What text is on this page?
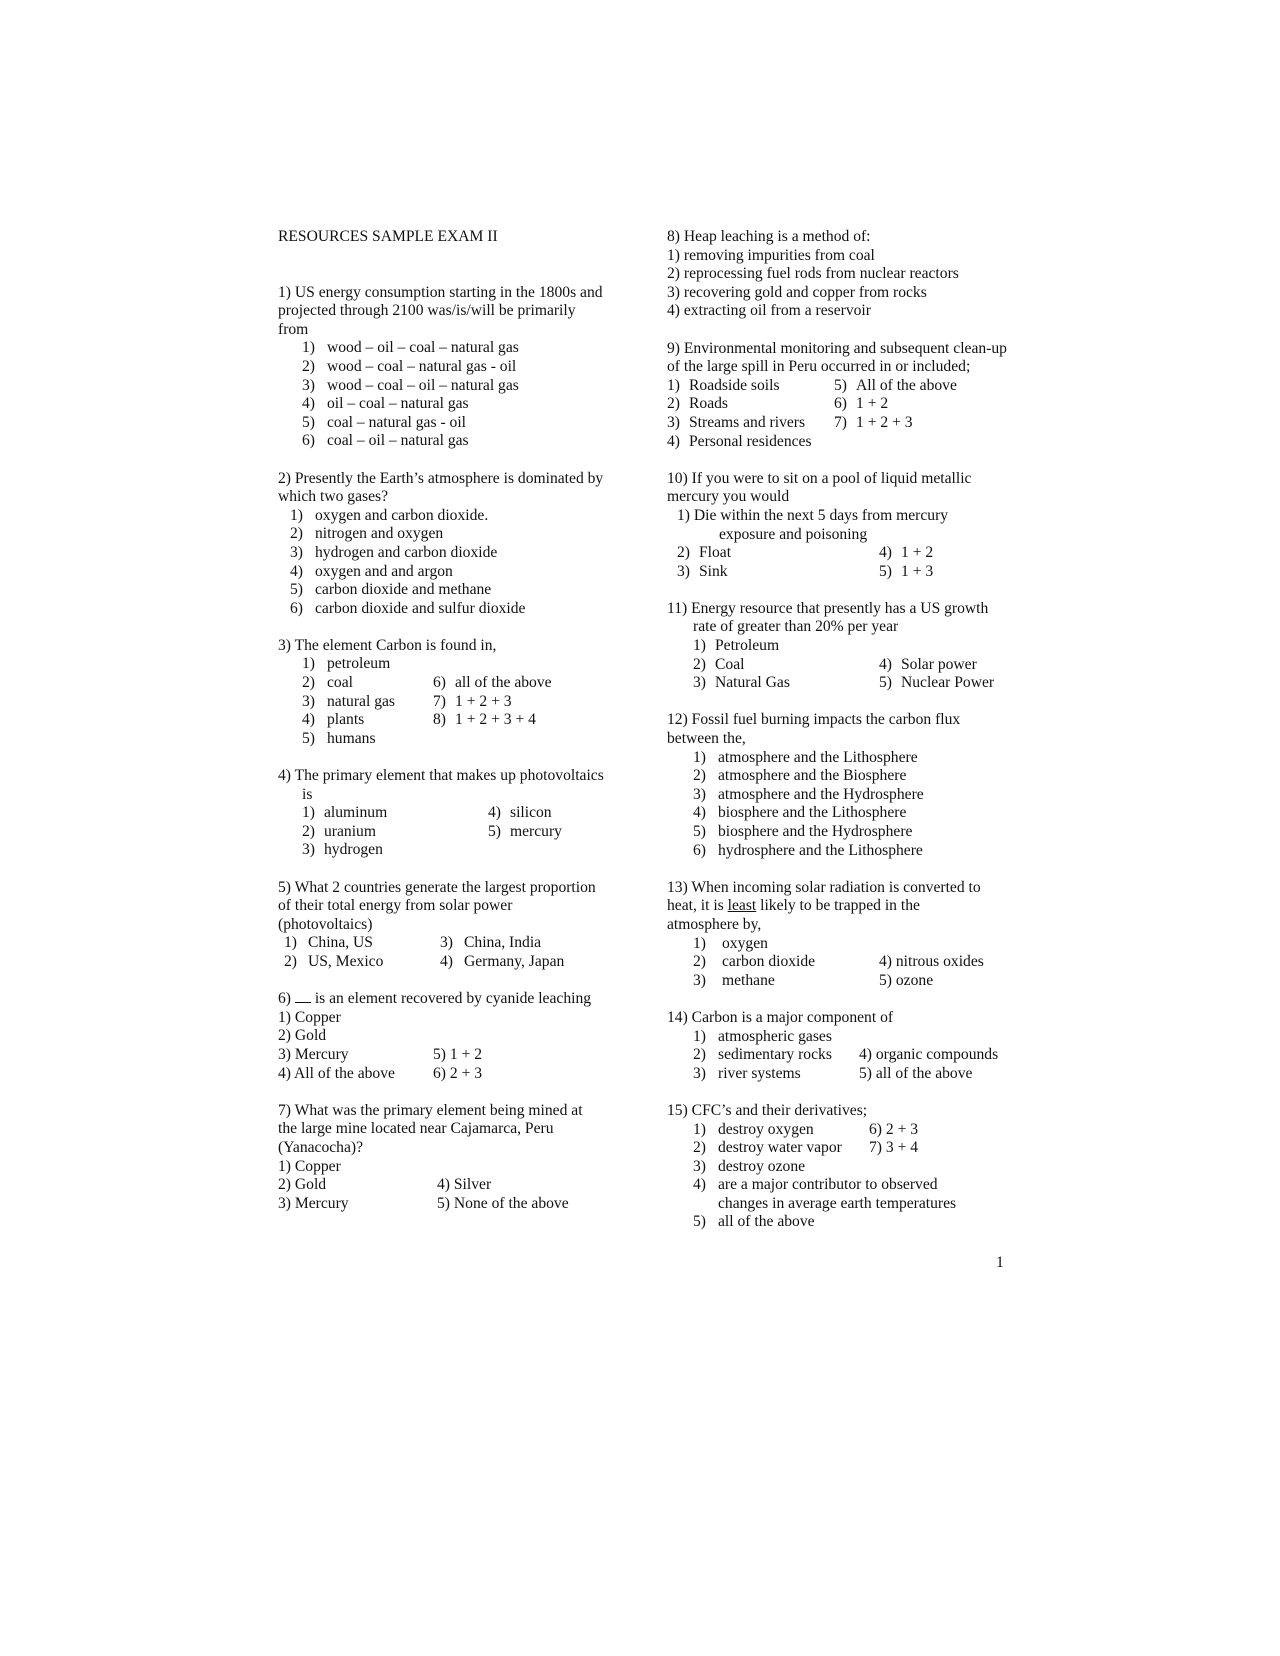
RESOURCES SAMPLE EXAM II
1) US energy consumption starting in the 1800s and
projected through 2100 was/is/will be primarily
from
1) wood – oil – coal – natural gas
2) wood – coal – natural gas - oil
3) wood – coal – oil – natural gas
4) oil – coal – natural gas
5) coal – natural gas - oil
6) coal – oil – natural gas
2) Presently the Earth’s atmosphere is dominated by
which two gases?
1) oxygen and carbon dioxide.
2) nitrogen and oxygen
3) hydrogen and carbon dioxide
4) oxygen and and argon
5) carbon dioxide and methane
6) carbon dioxide and sulfur dioxide
3) The element Carbon is found in,
1) petroleum
2) coal	6) all of the above
3) natural gas 7) 1 + 2 + 3
4) plants	8) 1 + 2 + 3 + 4
5) humans
4) The primary element that makes up photovoltaics
is
1) aluminum	4) silicon
2) uranium	5) mercury
3) hydrogen
5) What 2 countries generate the largest proportion
of their total energy from solar power
(photovoltaics)
1) China, US	3) China, India
2) US, Mexico	4) Germany, Japan
6) is an element recovered by cyanide leaching
1) Copper
2) Gold
3) Mercury	5) 1 + 2
4) All of the above 6) 2 + 3
7) What was the primary element being mined at
the large mine located near Cajamarca, Peru
(Yanacocha)?
1) Copper
2) Gold	4) Silver
3) Mercury	5) None of the above
8) Heap leaching is a method of:
1) removing impurities from coal
2) reprocessing fuel rods from nuclear reactors
3) recovering gold and copper from rocks
4) extracting oil from a reservoir
9) Environmental monitoring and subsequent clean-up
of the large spill in Peru occurred in or included;
1) Roadside soils	5) All of the above
2) Roads	6) 1 + 2
3) Streams and rivers 7) 1 + 2 + 3
4) Personal residences
10) If you were to sit on a pool of liquid metallic
mercury you would
1) Die within the next 5 days from mercury
exposure and poisoning
2) Float	4) 1 + 2
3) Sink	5) 1 + 3
11) Energy resource that presently has a US growth
rate of greater than 20% per year
1) Petroleum
2) Coal	4) Solar power
3) Natural Gas	5) Nuclear Power
12) Fossil fuel burning impacts the carbon flux
between the,
1) atmosphere and the Lithosphere
2) atmosphere and the Biosphere
3) atmosphere and the Hydrosphere
4) biosphere and the Lithosphere
5) biosphere and the Hydrosphere
6) hydrosphere and the Lithosphere
13) When incoming solar radiation is converted to
heat, it is least likely to be trapped in the
atmosphere by,
1) oxygen
2) carbon dioxide	4) nitrous oxides
3) methane	5) ozone
14) Carbon is a major component of
1) atmospheric gases
2) sedimentary rocks 4) organic compounds
3) river systems	5) all of the above
15) CFC’s and their derivatives;
1) destroy oxygen	6) 2 + 3
2) destroy water vapor 7) 3 + 4
3) destroy ozone
4) are a major contributor to observed
changes in average earth temperatures
5) all of the above
1
